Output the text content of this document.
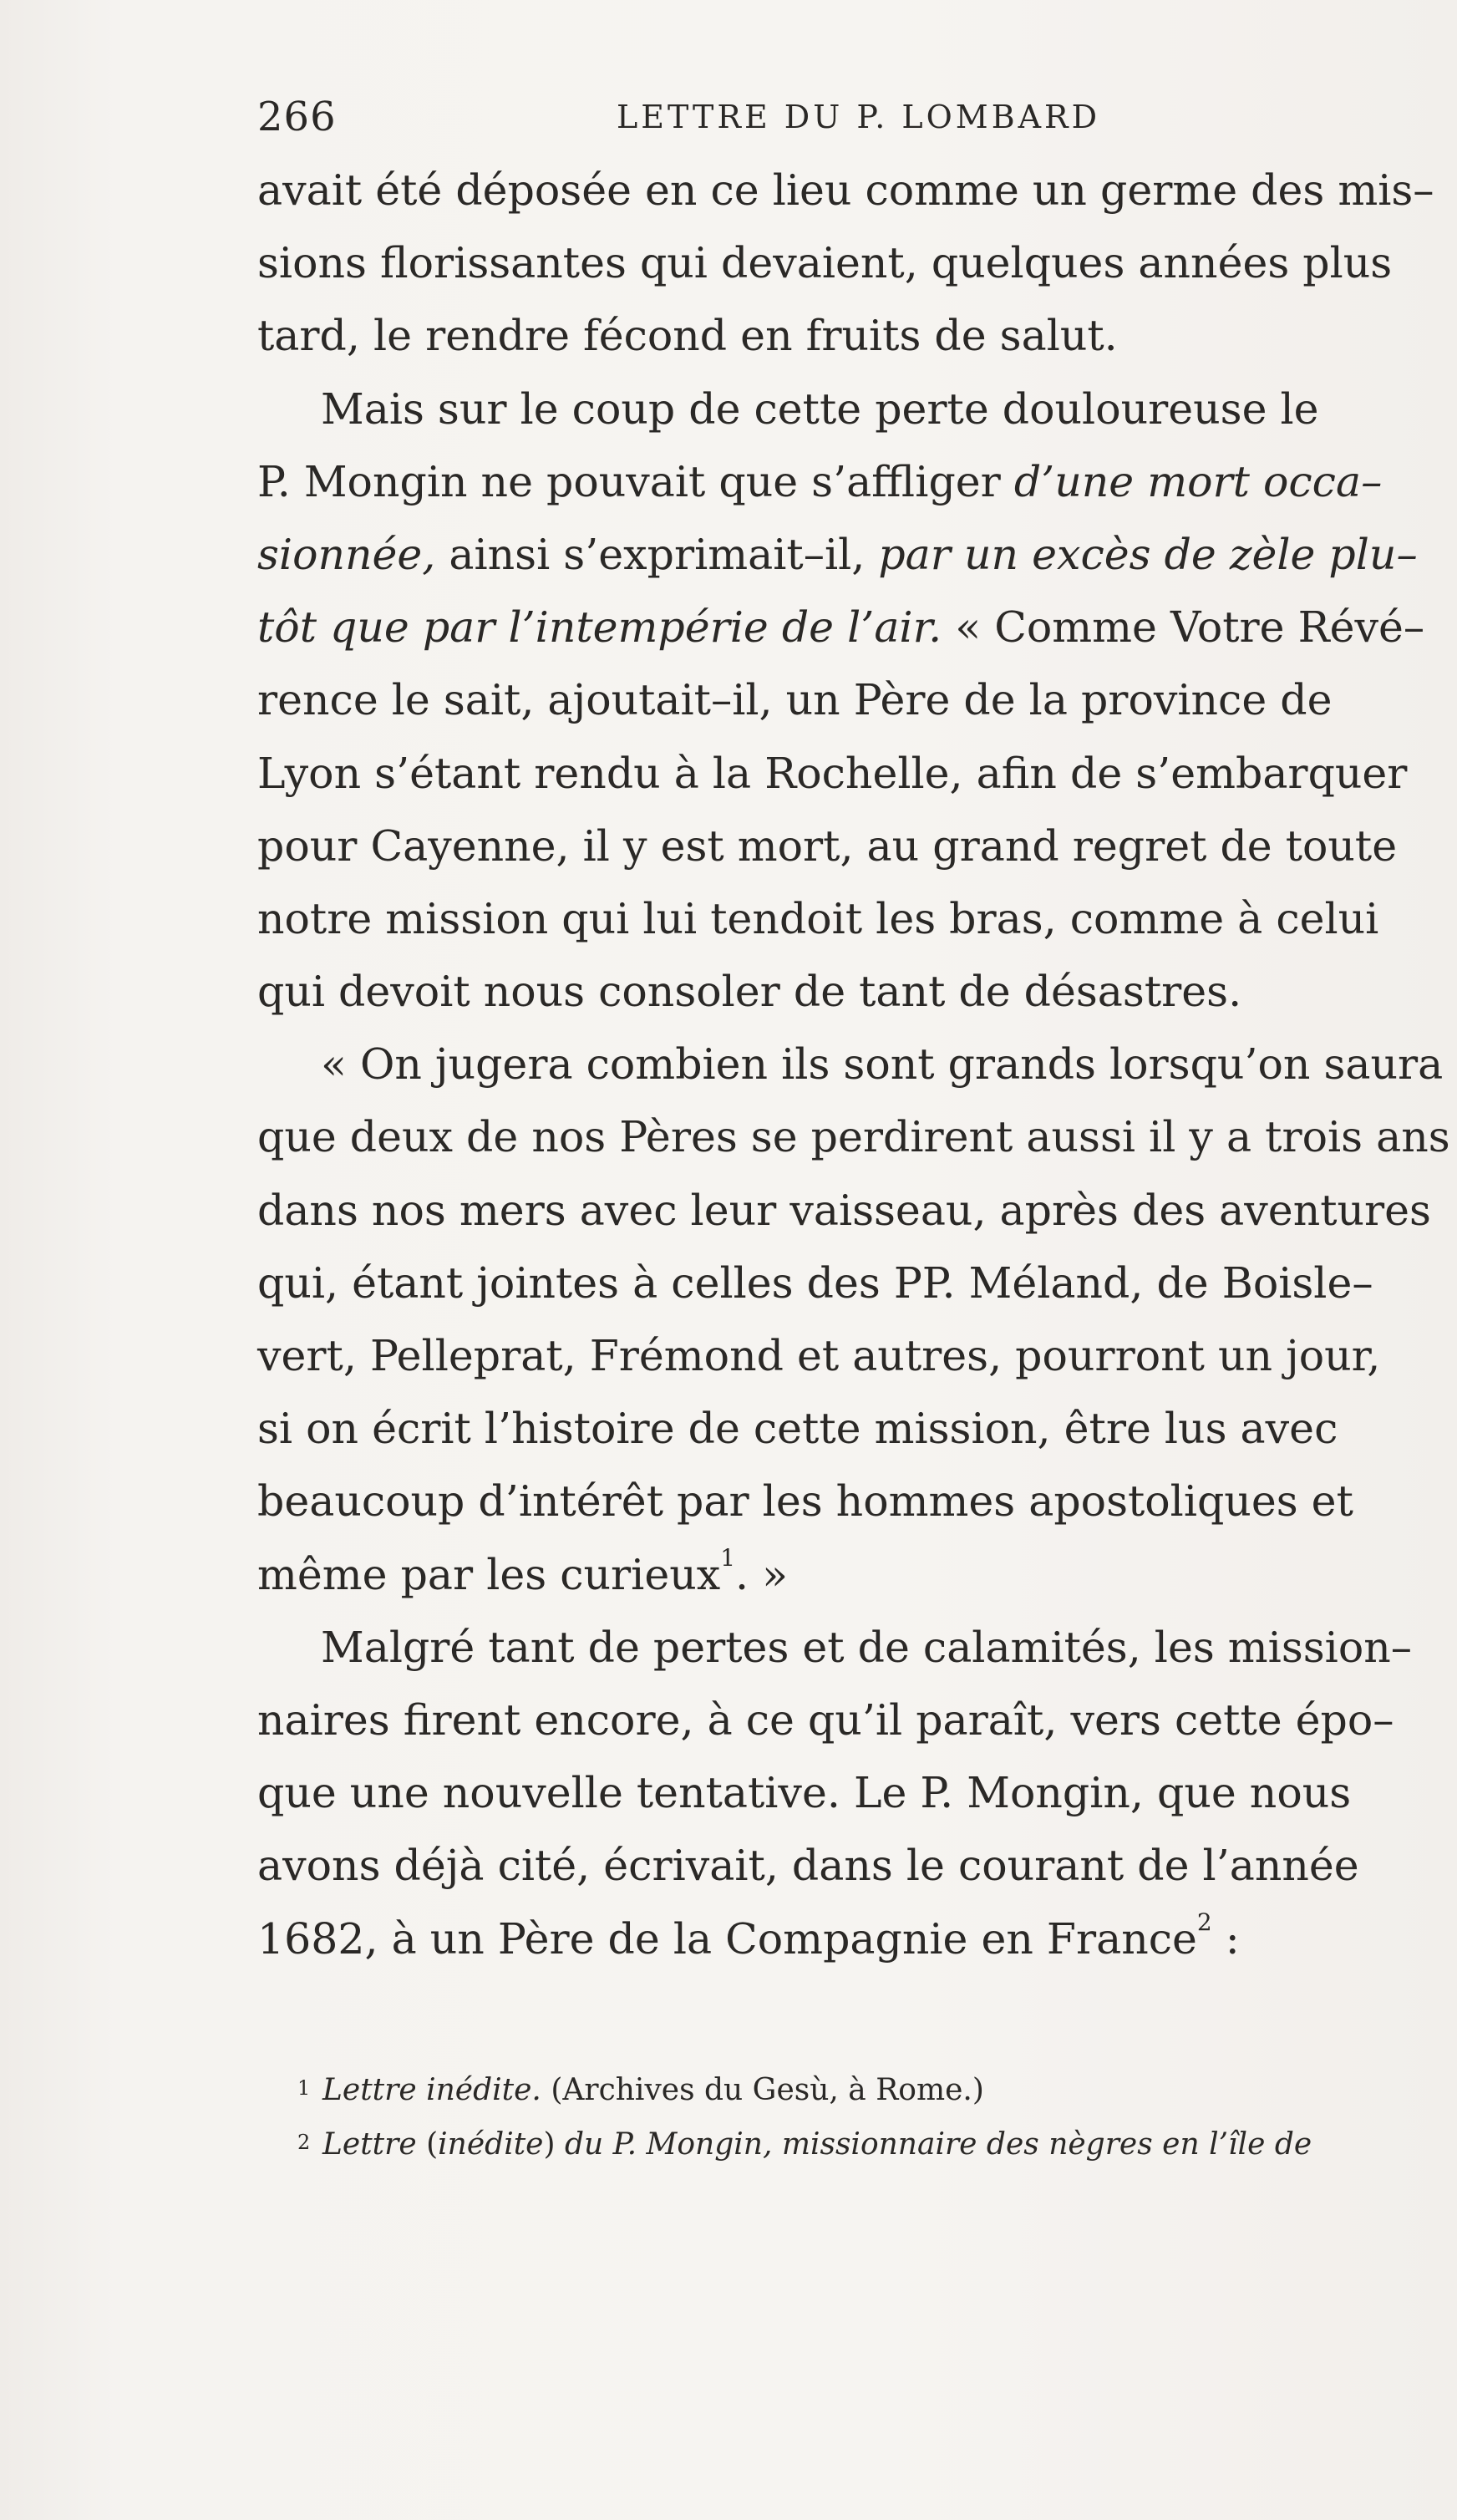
266	LETTRE DU P. LOMBARD
avait été déposée en ce lieu comme un germe des mis–
sions florissantes qui devaient, quelques années plus
tard, le rendre fécond en fruits de salut.
Mais sur le coup de cette perte douloureuse le
P. Mongin ne pouvait que s’affliger d’une mort occa–
sionnée, ainsi s’exprimait–il, par un excès de zèle plu–
tôt que par l’intempérie de l’air. « Comme Votre Révé–
rence le sait, ajoutait–il, un Père de la province de
Lyon s’étant rendu à la Rochelle, afin de s’embarquer
pour Cayenne, il y est mort, au grand regret de toute
notre mission qui lui tendoit les bras, comme à celui
qui devoit nous consoler de tant de désastres.
« On jugera combien ils sont grands lorsqu’on saura
que deux de nos Pères se perdirent aussi il y a trois ans
dans nos mers avec leur vaisseau, après des aventures
qui, étant jointes à celles des PP. Méland, de Boisle–
vert, Pelleprat, Frémond et autres, pourront un jour,
si on écrit l’histoire de cette mission, être lus avec
beaucoup d’intérêt par les hommes apostoliques et
même par les curieux$^1$. »
Malgré tant de pertes et de calamités, les mission–
naires firent encore, à ce qu’il paraît, vers cette épo–
que une nouvelle tentative. Le P. Mongin, que nous
avons déjà cité, écrivait, dans le courant de l’année
1682, à un Père de la Compagnie en France$^2$ :
1 Lettre inédite. (Archives du Gesù, à Rome.)
2 Lettre (inédite) du P. Mongin, missionnaire des nègres en l’île de
